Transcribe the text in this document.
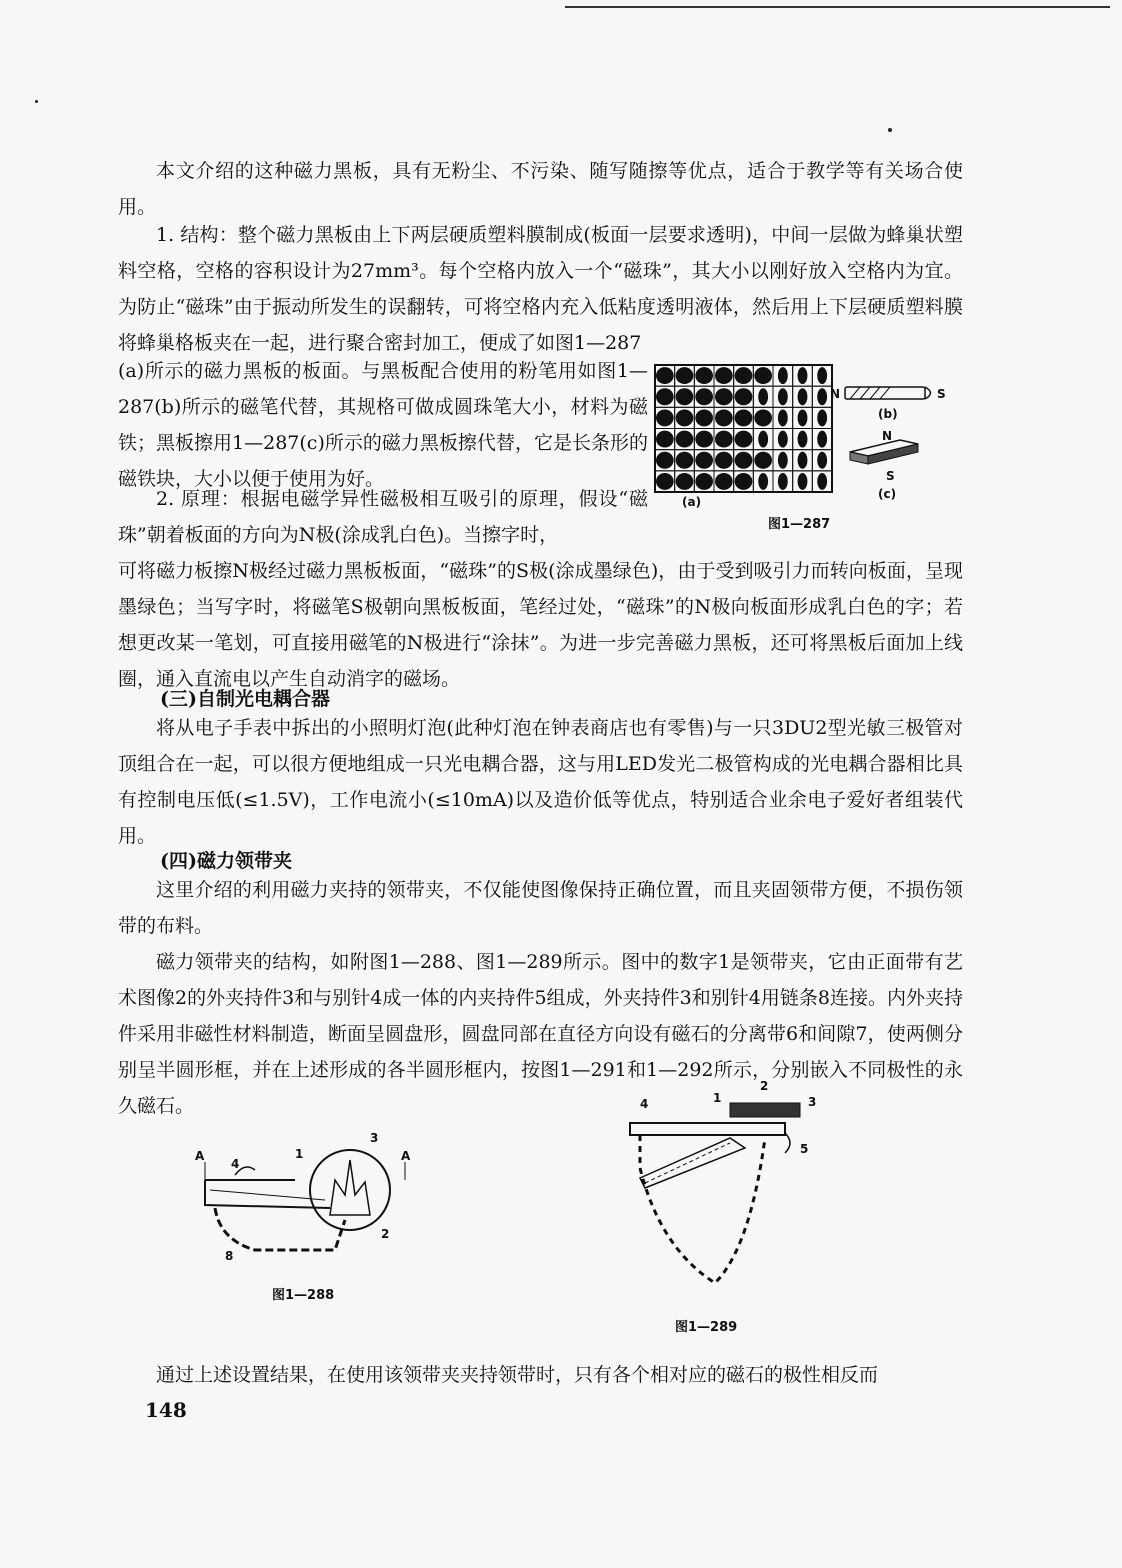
本文介绍的这种磁力黑板，具有无粉尘、不污染、随写随擦等优点，适合于教学等有关场合使用。

1. 结构：整个磁力黑板由上下两层硬质塑料膜制成(板面一层要求透明)，中间一层做为蜂巢状塑料空格，空格的容积设计为27mm³。每个空格内放入一个“磁珠”，其大小以刚好放入空格内为宜。为防止“磁珠”由于振动所发生的误翻转，可将空格内充入低粘度透明液体，然后用上下层硬质塑料膜将蜂巢格板夹在一起，进行聚合密封加工，便成了如图1—287

(a)所示的磁力黑板的板面。与黑板配合使用的粉笔用如图1—287(b)所示的磁笔代替，其规格可做成圆珠笔大小，材料为磁铁；黑板擦用1—287(c)所示的磁力黑板擦代替，它是长条形的磁铁块，大小以便于使用为好。

2. 原理：根据电磁学异性磁极相互吸引的原理，假设“磁珠”朝着板面的方向为N极(涂成乳白色)。当擦字时，

可将磁力板擦N极经过磁力黑板板面，“磁珠”的S极(涂成墨绿色)，由于受到吸引力而转向板面，呈现墨绿色；当写字时，将磁笔S极朝向黑板板面，笔经过处，“磁珠”的N极向板面形成乳白色的字；若想更改某一笔划，可直接用磁笔的N极进行“涂抹”。为进一步完善磁力黑板，还可将黑板后面加上线圈，通入直流电以产生自动消字的磁场。

(三)自制光电耦合器

将从电子手表中拆出的小照明灯泡(此种灯泡在钟表商店也有零售)与一只3DU2型光敏三极管对顶组合在一起，可以很方便地组成一只光电耦合器，这与用LED发光二极管构成的光电耦合器相比具有控制电压低(≤1.5V)，工作电流小(≤10mA)以及造价低等优点，特别适合业余电子爱好者组装代用。

(四)磁力领带夹

这里介绍的利用磁力夹持的领带夹，不仅能使图像保持正确位置，而且夹固领带方便，不损伤领带的布料。

磁力领带夹的结构，如附图1—288、图1—289所示。图中的数字1是领带夹，它由正面带有艺术图像2的外夹持件3和与别针4成一体的内夹持件5组成，外夹持件3和别针4用链条8连接。内外夹持件采用非磁性材料制造，断面呈圆盘形，圆盘同部在直径方向设有磁石的分离带6和间隙7，使两侧分别呈半圆形框，并在上述形成的各半圆形框内，按图1—291和1—292所示，分别嵌入不同极性的永久磁石。

通过上述设置结果，在使用该领带夹夹持领带时，只有各个相对应的磁石的极性相反而

148
N	S
(b)
N
S
(c)
(a)
图1—287
A	A
1
2
3
4
8
图1—288
1
2
3
4
5
图1—289
